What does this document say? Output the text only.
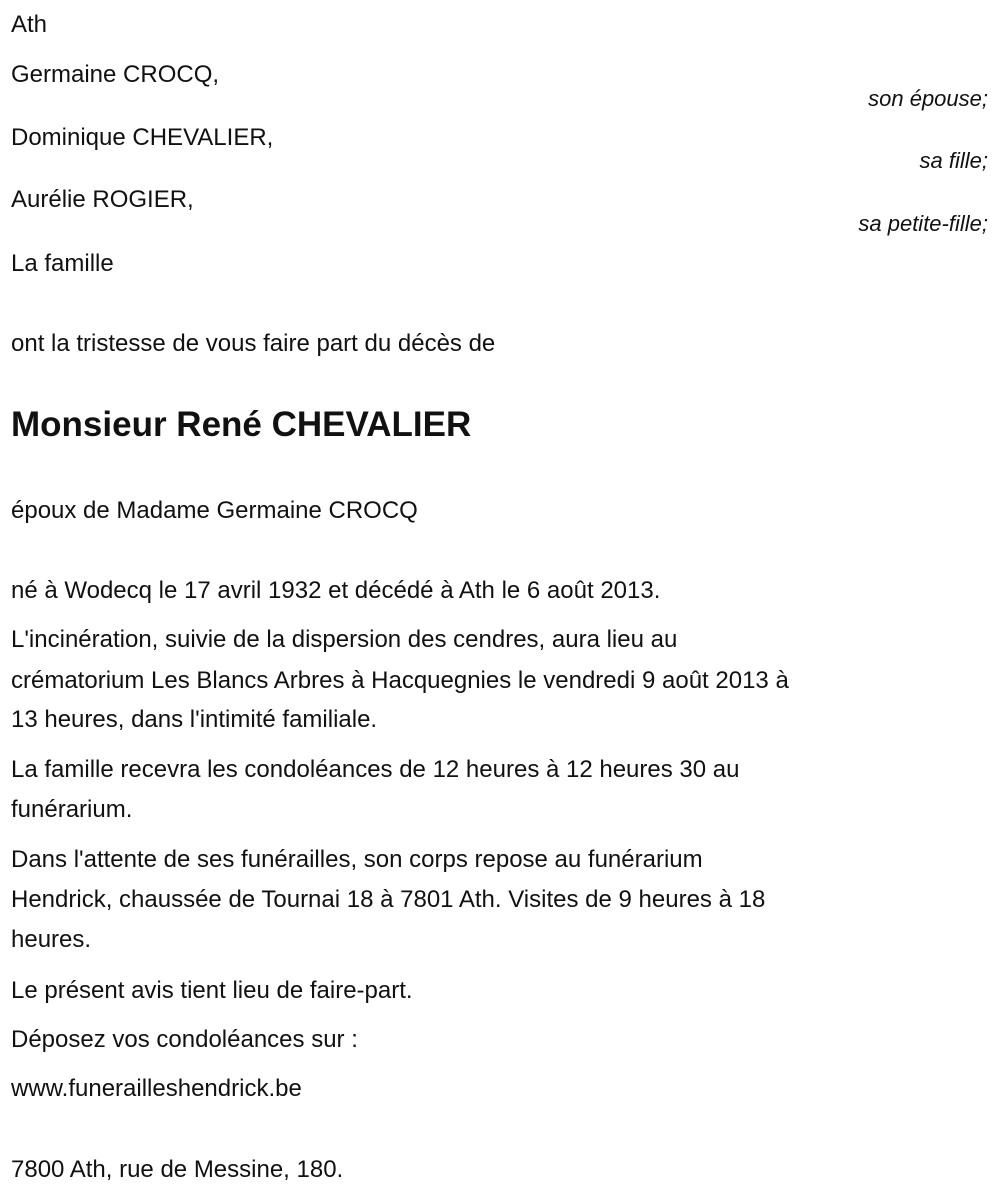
Ath
Germaine CROCQ,
son épouse;
Dominique CHEVALIER,
sa fille;
Aurélie ROGIER,
sa petite-fille;
La famille
ont la tristesse de vous faire part du décès de
Monsieur René CHEVALIER
époux de Madame Germaine CROCQ
né à Wodecq le 17 avril 1932 et décédé à Ath le 6 août 2013.
L'incinération, suivie de la dispersion des cendres, aura lieu au
crématorium Les Blancs Arbres à Hacquegnies le vendredi 9 août 2013 à
13 heures, dans l'intimité familiale.
La famille recevra les condoléances de 12 heures à 12 heures 30 au
funérarium.
Dans l'attente de ses funérailles, son corps repose au funérarium
Hendrick, chaussée de Tournai 18 à 7801 Ath. Visites de 9 heures à 18
heures.
Le présent avis tient lieu de faire-part.
Déposez vos condoléances sur :
www.funerailleshendrick.be
7800 Ath, rue de Messine, 180.
